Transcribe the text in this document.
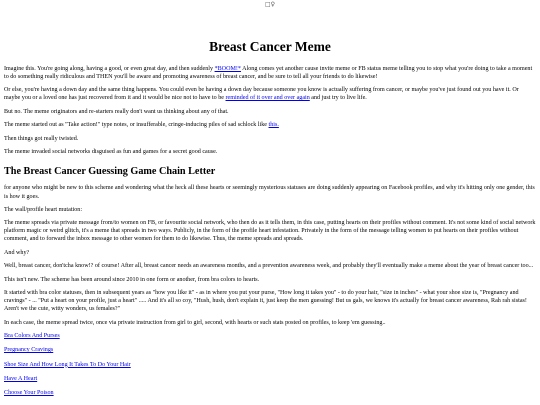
□♀
Breast Cancer Meme

Imagine this. You're going along, having a good, or even great day, and then suddenly *BOOM!* Along comes yet another cause invite meme or FB status meme telling you to stop what you're doing to take a moment to do something really ridiculous and THEN you'll be aware and promoting awareness of breast cancer, and be sure to tell all your friends to do likewise!

Or else, you're having a down day and the same thing happens. You could even be having a down day because someone you know is actually suffering from cancer, or maybe you've just found out you have it. Or maybe you or a loved one has just recovered from it and it would be nice not to have to be reminded of it over and over again and just try to live life.

But no. The meme originators and re-starters really don't want us thinking about any of that.

The meme started out as "Take action!" type notes, or insufferable, cringe-inducing piles of sad schlock like this.

Then things got really twisted.

The meme invaded social networks disguised as fun and games for a secret good cause.

The Breast Cancer Guessing Game Chain Letter

for anyone who might be new to this scheme and wondering what the heck all these hearts or seemingly mysterious statuses are doing suddenly appearing on Facebook profiles, and why it's hitting only one gender, this is how it goes.

The wall/profile heart mutation:

The meme spreads via private message from/to women on FB, or favourite social network, who then do as it tells them, in this case, putting hearts on their profiles without comment. It's not some kind of social network platform magic or weird glitch, it's a meme that spreads in two ways. Publicly, in the form of the profile heart infestation. Privately in the form of the message telling women to put hearts on their profiles without comment, and to forward the inbox message to other women for them to do likewise. Thus, the meme spreads and spreads.

And why?

Well, breast cancer, don'tcha know!? of course! After all, breast cancer needs an awareness months, and a prevention awareness week, and probably they'll eventually make a meme about the year of breast cancer too...

This isn't new. The scheme has been around since 2010 in one form or another, from bra colors to hearts.

It started with bra color statuses, then in subsequent years as "how you like it" - as in where you put your purse, "How long it takes you" - to do your hair, "size in inches" - what your shoe size is, "Pregnancy and cravings" - ... "Put a heart on your profile, just a heart" ..... And it's all so coy, "Hush, hush, don't explain it, just keep the men guessing! But us gals, we knows it's actually for breast cancer awareness, Rah rah sistas! Aren't we the cute, witty wonders, us females?"

In each case, the meme spread twice, once via private instruction from girl to girl, second, with hearts or such stats posted on profiles, to keep 'em guessing..

Bra Colors And Purses
Pregnancy Cravings
Shoe Size And How Long It Takes To Do Your Hair
Have A Heart
Choose Your Poison
